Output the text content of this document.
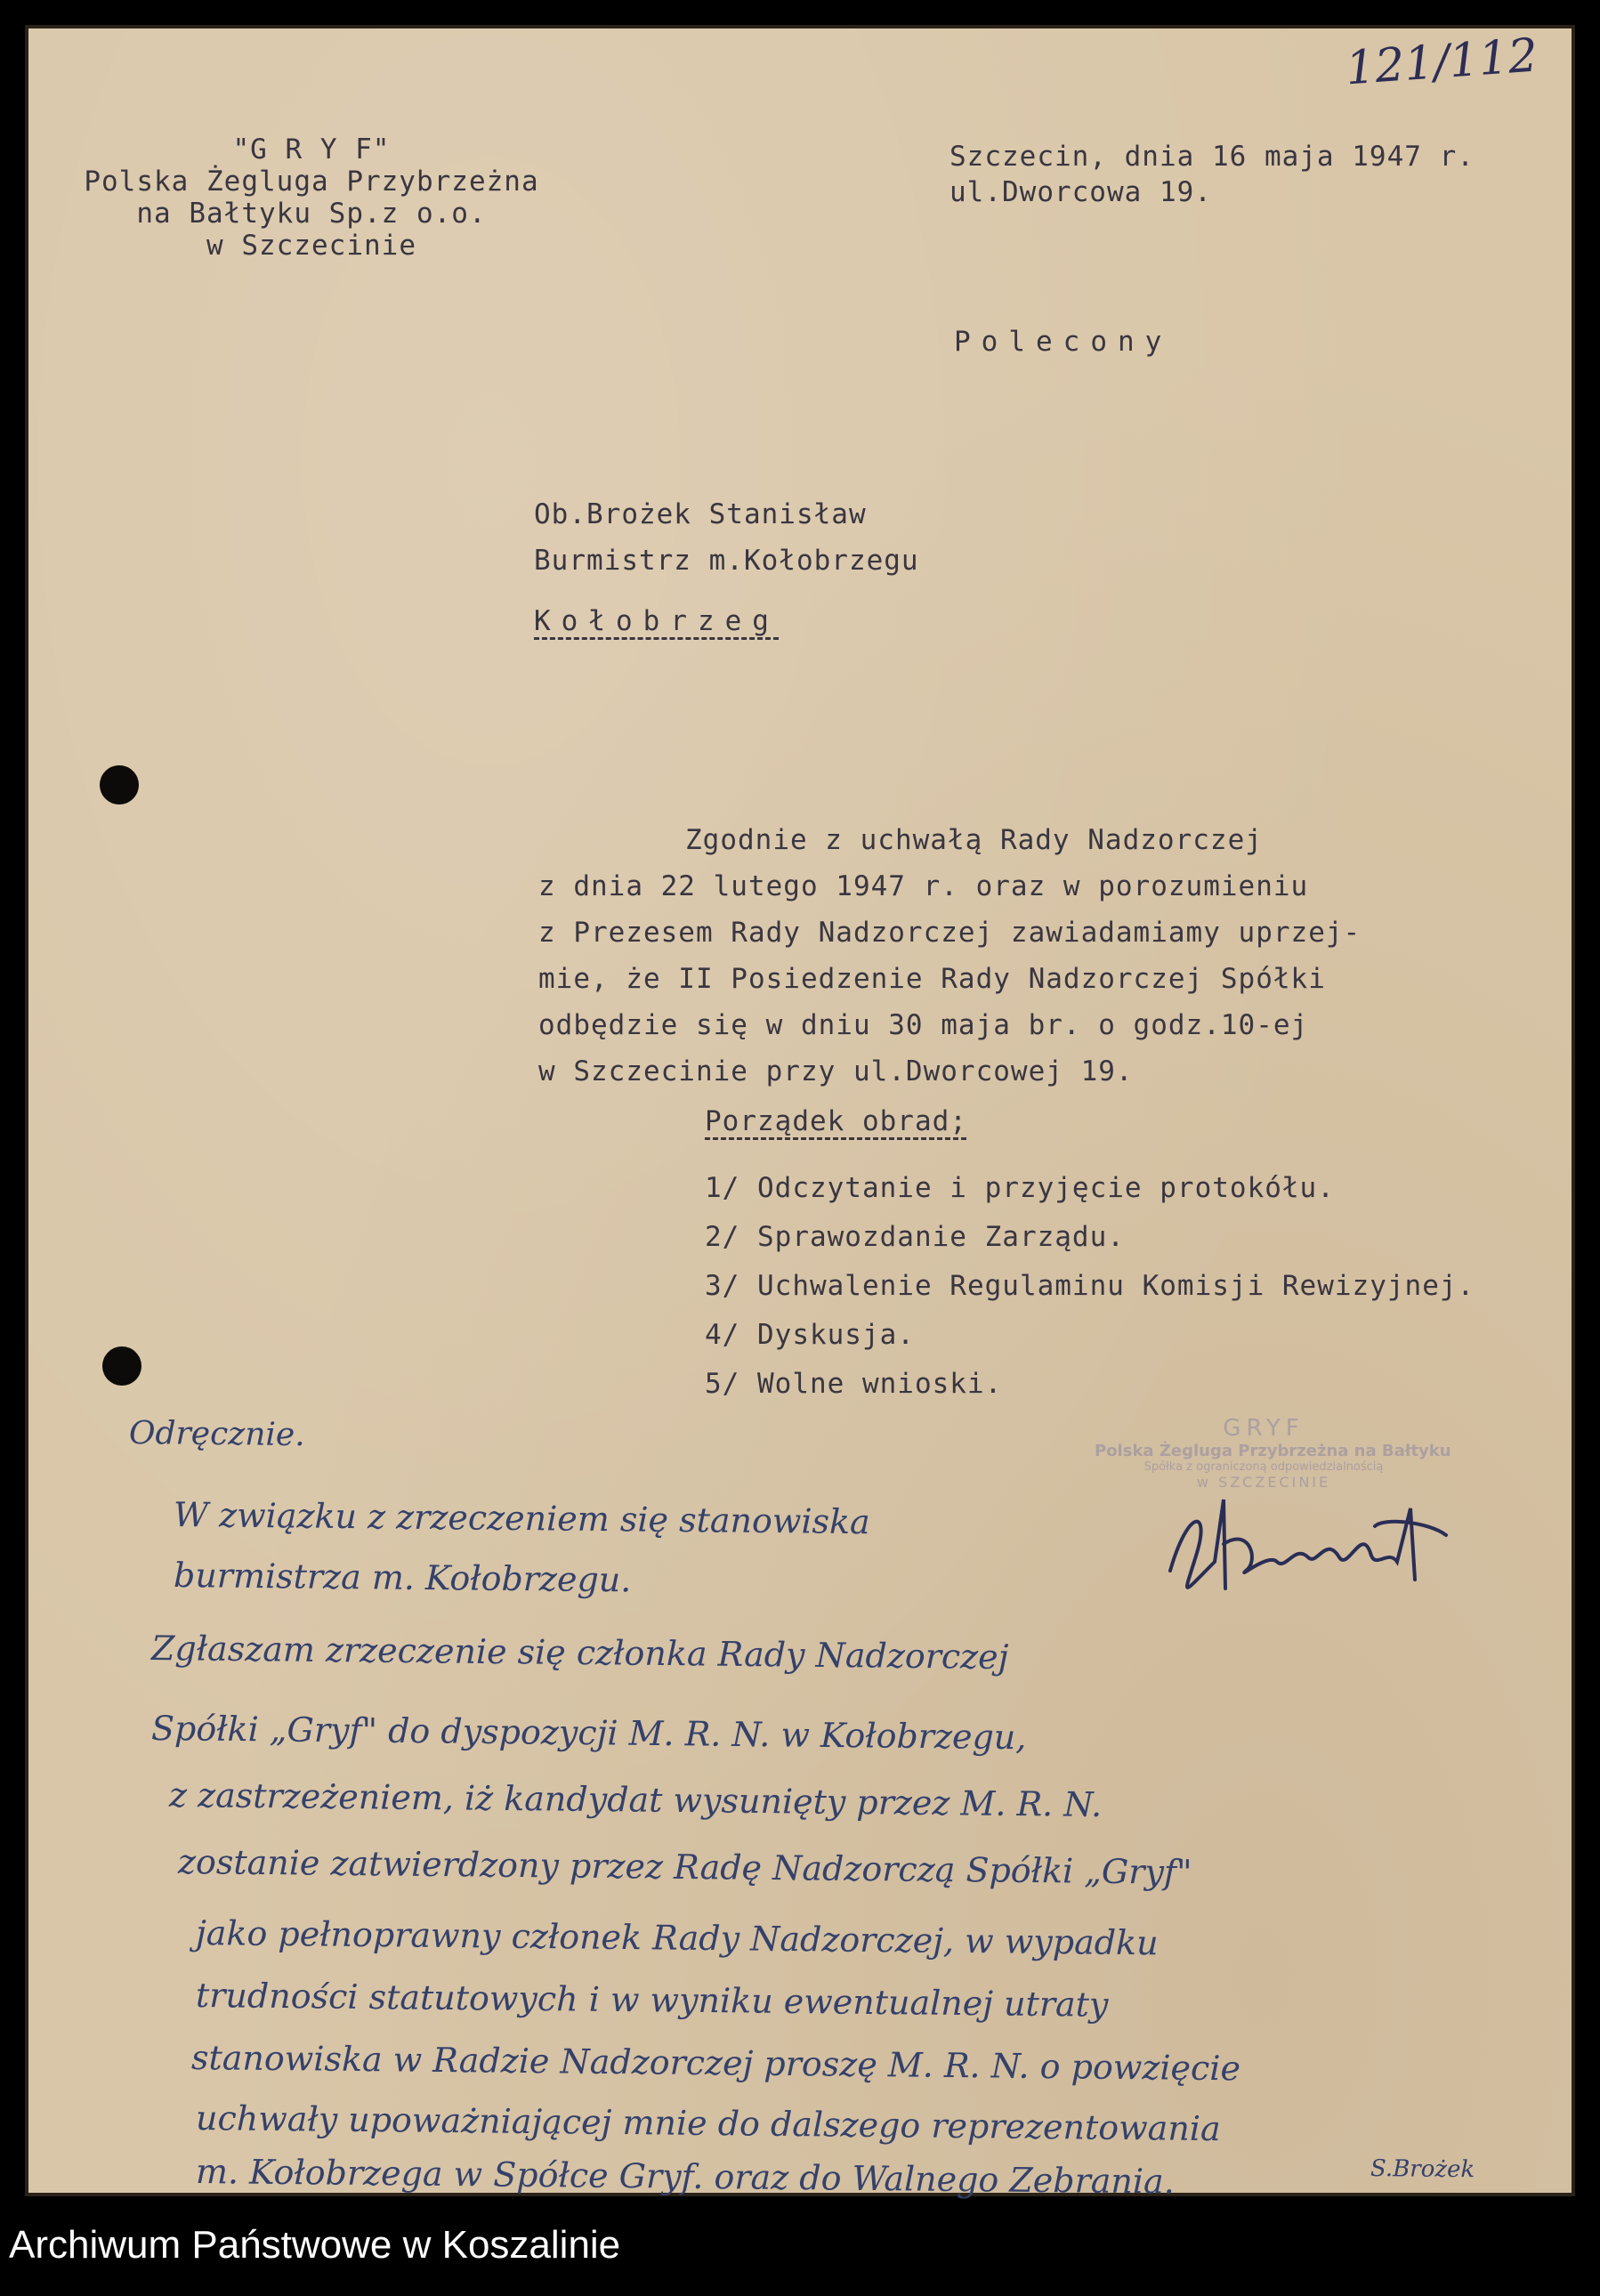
121/112
"G R Y F"
Polska Żegluga Przybrzeżna
na Bałtyku Sp.z o.o.
w Szczecinie
Szczecin, dnia 16 maja 1947 r.
ul.Dworcowa 19.
Polecony
Ob.Brożek Stanisław
Burmistrz m.Kołobrzegu
Kołobrzeg
Zgodnie z uchwałą Rady Nadzorczej
z dnia 22 lutego 1947 r. oraz w porozumieniu
z Prezesem Rady Nadzorczej zawiadamiamy uprzej-
mie, że II Posiedzenie Rady Nadzorczej Spółki
odbędzie się w dniu 30 maja br. o godz.10-ej
w Szczecinie przy ul.Dworcowej 19.
Porządek obrad;
1/ Odczytanie i przyjęcie protokółu.
2/ Sprawozdanie Zarządu.
3/ Uchwalenie Regulaminu Komisji Rewizyjnej.
4/ Dyskusja.
5/ Wolne wnioski.
GRYF
Polska Żegluga Przybrzeżna na Bałtyku
Spółka z ograniczoną odpowiedzialnością
w SZCZECINIE
Odręcznie.
W związku z zrzeczeniem się stanowiska
burmistrza m. Kołobrzegu.
Zgłaszam zrzeczenie się członka Rady Nadzorczej
Spółki „Gryf" do dyspozycji M. R. N. w Kołobrzegu,
z zastrzeżeniem, iż kandydat wysunięty przez M. R. N.
zostanie zatwierdzony przez Radę Nadzorczą Spółki „Gryf"
jako pełnoprawny członek Rady Nadzorczej, w wypadku
trudności statutowych i w wyniku ewentualnej utraty
stanowiska w Radzie Nadzorczej proszę M. R. N. o powzięcie
uchwały upoważniającej mnie do dalszego reprezentowania
m. Kołobrzega w Spółce Gryf. oraz do Walnego Zebrania.	S.Brożek
Archiwum Państwowe w Koszalinie
